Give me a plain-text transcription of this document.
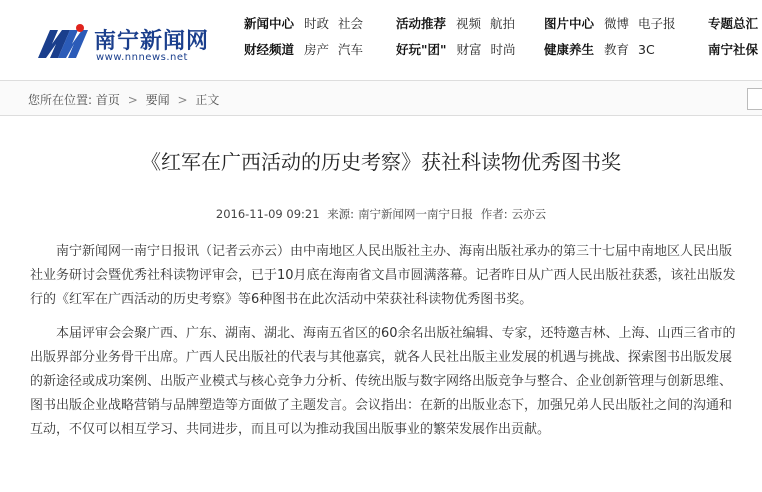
南宁新闻网
www.nnnews.net
新闻中心 时政 社会	活动推荐 视频 航拍	图片中心 微博 电子报	专题总汇
财经频道 房产 汽车	好玩"团" 财富 时尚	健康养生 教育 3C	南宁社保
您所在位置: 首页 > 要闻 > 正文
《红军在广西活动的历史考察》获社科读物优秀图书奖
2016-11-09 09:21 来源: 南宁新闻网一南宁日报 作者: 云亦云

南宁新闻网一南宁日报讯（记者云亦云）由中南地区人民出版社主办、海南出版社承办的第三十七届中南地区人民出版社业务研讨会暨优秀社科读物评审会，已于10月底在海南省文昌市圆满落幕。记者昨日从广西人民出版社获悉，该社出版发行的《红军在广西活动的历史考察》等6种图书在此次活动中荣获社科读物优秀图书奖。

本届评审会会聚广西、广东、湖南、湖北、海南五省区的60余名出版社编辑、专家，还特邀吉林、上海、山西三省市的出版界部分业务骨干出席。广西人民出版社的代表与其他嘉宾，就各人民社出版主业发展的机遇与挑战、探索图书出版发展的新途径或成功案例、出版产业模式与核心竞争力分析、传统出版与数字网络出版竞争与整合、企业创新管理与创新思维、图书出版企业战略营销与品牌塑造等方面做了主题发言。会议指出：在新的出版业态下，加强兄弟人民出版社之间的沟通和互动，不仅可以相互学习、共同进步，而且可以为推动我国出版事业的繁荣发展作出贡献。
